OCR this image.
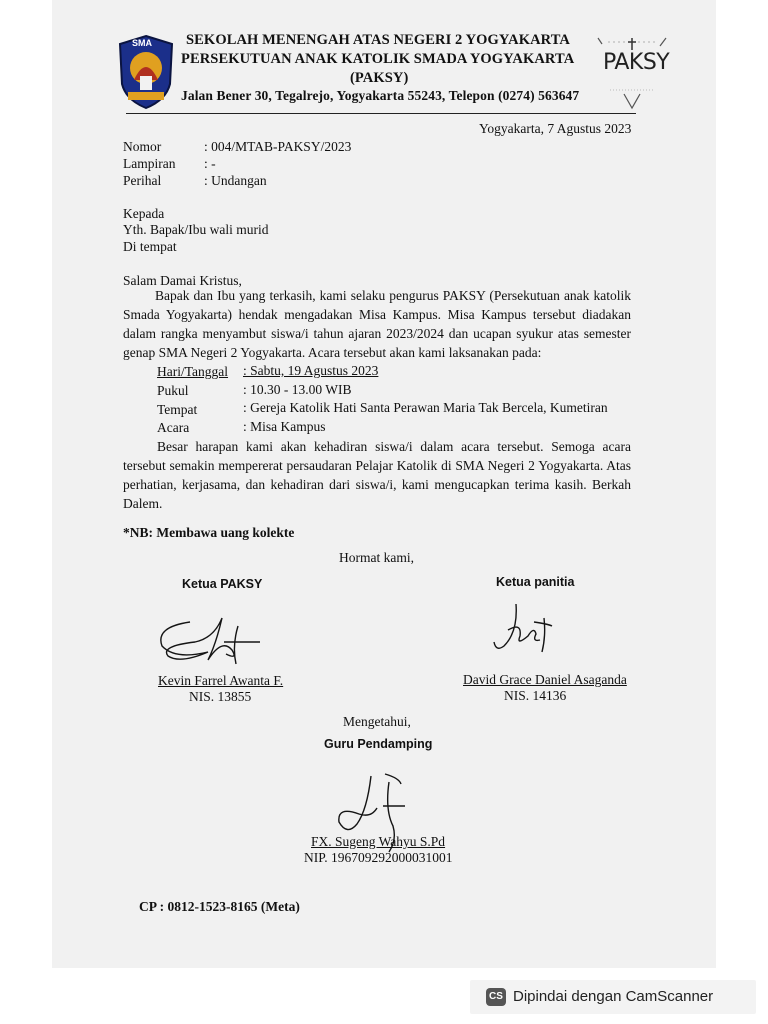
SMA SEKOLAH MENENGAH ATAS NEGERI 2 YOGYAKARTA
PERSEKUTUAN ANAK KATOLIK SMADA YOGYAKARTA
(PAKSY)
Jalan Bener 30, Tegalrejo, Yogyakarta 55243, Telepon (0274) 563647
PAKSY
Yogyakarta, 7 Agustus 2023
Nomor	: 004/MTAB-PAKSY/2023
Lampiran : -
Perihal	: Undangan
Kepada
Yth. Bapak/Ibu wali murid
Di tempat
Salam Damai Kristus,
Bapak dan Ibu yang terkasih, kami selaku pengurus PAKSY (Persekutuan anak katolik Smada Yogyakarta) hendak mengadakan Misa Kampus. Misa Kampus tersebut diadakan dalam rangka menyambut siswa/i tahun ajaran 2023/2024 dan ucapan syukur atas semester genap SMA Negeri 2 Yogyakarta. Acara tersebut akan kami laksanakan pada:
Hari/Tanggal : Sabtu, 19 Agustus 2023
Pukul	: 10.30 - 13.00 WIB
Tempat	: Gereja Katolik Hati Santa Perawan Maria Tak Bercela, Kumetiran
Acara	: Misa Kampus
Besar harapan kami akan kehadiran siswa/i dalam acara tersebut. Semoga acara tersebut semakin mempererat persaudaran Pelajar Katolik di SMA Negeri 2 Yogyakarta. Atas perhatian, kerjasama, dan kehadiran dari siswa/i, kami mengucapkan terima kasih. Berkah Dalem.
*NB: Membawa uang kolekte
Hormat kami,
Ketua PAKSY
Kevin Farrel Awanta F.
NIS. 13855
Ketua panitia
David Grace Daniel Asaganda
NIS. 14136
Mengetahui,
Guru Pendamping
FX. Sugeng Wahyu S.Pd
NIP. 196709292000031001
CP : 0812-1523-8165 (Meta)
CS Dipindai dengan CamScanner
